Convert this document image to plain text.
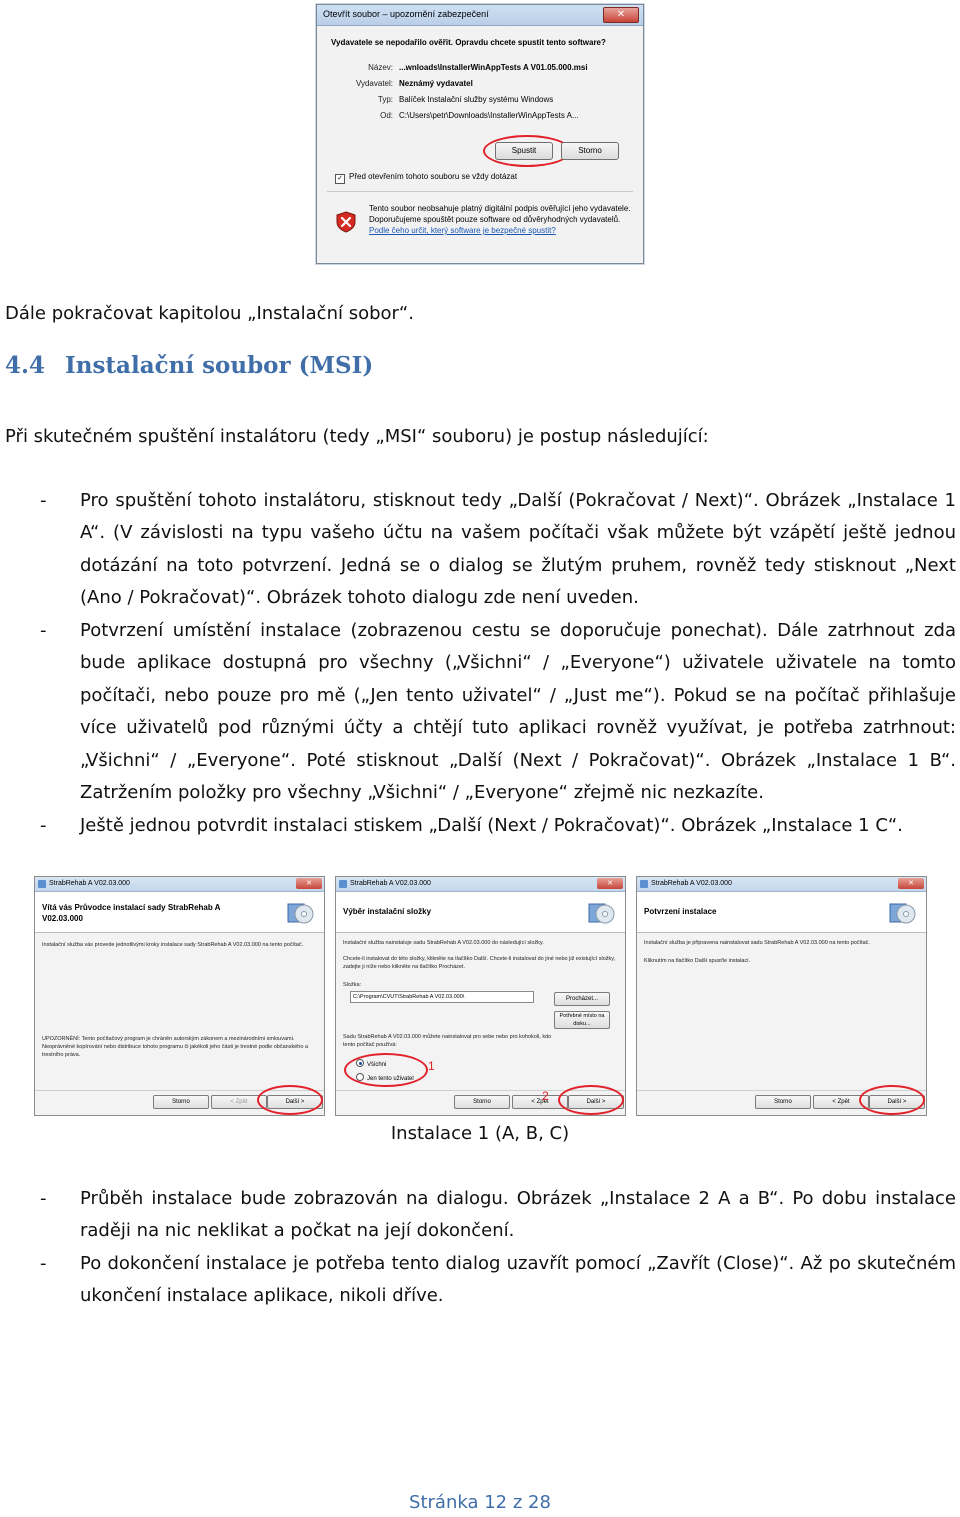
Otevřít soubor – upozornění zabezpečení	✕
Vydavatele se nepodařilo ověřit. Opravdu chcete spustit tento software?
Název: ...wnloads\InstallerWinAppTests A V01.05.000.msi
Vydavatel: Neznámý vydavatel
Typ: Balíček Instalační služby systému Windows
Od: C:\Users\petr\Downloads\InstallerWinAppTests A...
Spustit	Storno
✓ Před otevřením tohoto souboru se vždy dotázat
Tento soubor neobsahuje platný digitální podpis ověřující jeho vydavatele. Doporučujeme spouštět pouze software od důvěryhodných vydavatelů. Podle čeho určit, který software je bezpečné spustit?

Dále pokračovat kapitolou „Instalační sobor“.

4.4 Instalační soubor (MSI)

Při skutečném spuštění instalátoru (tedy „MSI“ souboru) je postup následující:

- Pro spuštění tohoto instalátoru, stisknout tedy „Další (Pokračovat / Next)“. Obrázek „Instalace 1 A“. (V závislosti na typu vašeho účtu na vašem počítači však můžete být vzápětí ještě jednou dotázání na toto potvrzení. Jedná se o dialog se žlutým pruhem, rovněž tedy stisknout „Next (Ano / Pokračovat)“. Obrázek tohoto dialogu zde není uveden.
- Potvrzení umístění instalace (zobrazenou cestu se doporučuje ponechat). Dále zatrhnout zda bude aplikace dostupná pro všechny („Všichni“ / „Everyone“) uživatele uživatele na tomto počítači, nebo pouze pro mě („Jen tento uživatel“ / „Just me“). Pokud se na počítač přihlašuje více uživatelů pod různými účty a chtějí tuto aplikaci rovněž využívat, je potřeba zatrhnout: „Všichni“ / „Everyone“. Poté stisknout „Další (Next / Pokračovat)“. Obrázek „Instalace 1 B“. Zatržením položky pro všechny „Všichni“ / „Everyone“ zřejmě nic nezkazíte.
- Ještě jednou potvrdit instalaci stiskem „Další (Next / Pokračovat)“. Obrázek „Instalace 1 C“.
StrabRehab A V02.03.000	✕
Vítá vás Průvodce instalací sady StrabRehab A V02.03.000
Instalační služba vás provede jednotlivými kroky instalace sady StrabRehab A V02.03.000 na tento počítač.
UPOZORNĚNÍ: Tento počítačový program je chráněn autorským zákonem a mezinárodními smlouvami. Neoprávněné kopírování nebo distribuce tohoto programu či jakékoli jeho části je trestné podle občanského a trestního práva.
Storno	< Zpět	Další >
StrabRehab A V02.03.000	✕
Výběr instalační složky
Instalační služba nainstaluje sadu StrabRehab A V02.03.000 do následující složky.
Chcete-li instalovat do této složky, klikněte na tlačítko Další. Chcete-li instalovat do jiné nebo již existující složky, zadejte ji níže nebo klikněte na tlačítko Procházet.
Složka:
C:\Program\CVUT\StrabRehab A V02.03.000\	Procházet...
Potřebné místo na disku...
Sadu StrabRehab A V02.03.000 můžete nainstalovat pro sebe nebo pro kohokoli, kdo tento počítač používá:
Všichni
Jen tento uživatel
1
Storno	< Zpět	Další >
2
StrabRehab A V02.03.000	✕
Potvrzení instalace
Instalační služba je připravena nainstalovat sadu StrabRehab A V02.03.000 na tento počítač.
Kliknutím na tlačítko Další spusťte instalaci.
Storno	< Zpět	Další >
Instalace 1 (A, B, C)
- Průběh instalace bude zobrazován na dialogu. Obrázek „Instalace 2 A a B“. Po dobu instalace raději na nic neklikat a počkat na její dokončení.
- Po dokončení instalace je potřeba tento dialog uzavřít pomocí „Zavřít (Close)“. Až po skutečném ukončení instalace aplikace, nikoli dříve.
Stránka 12 z 28
